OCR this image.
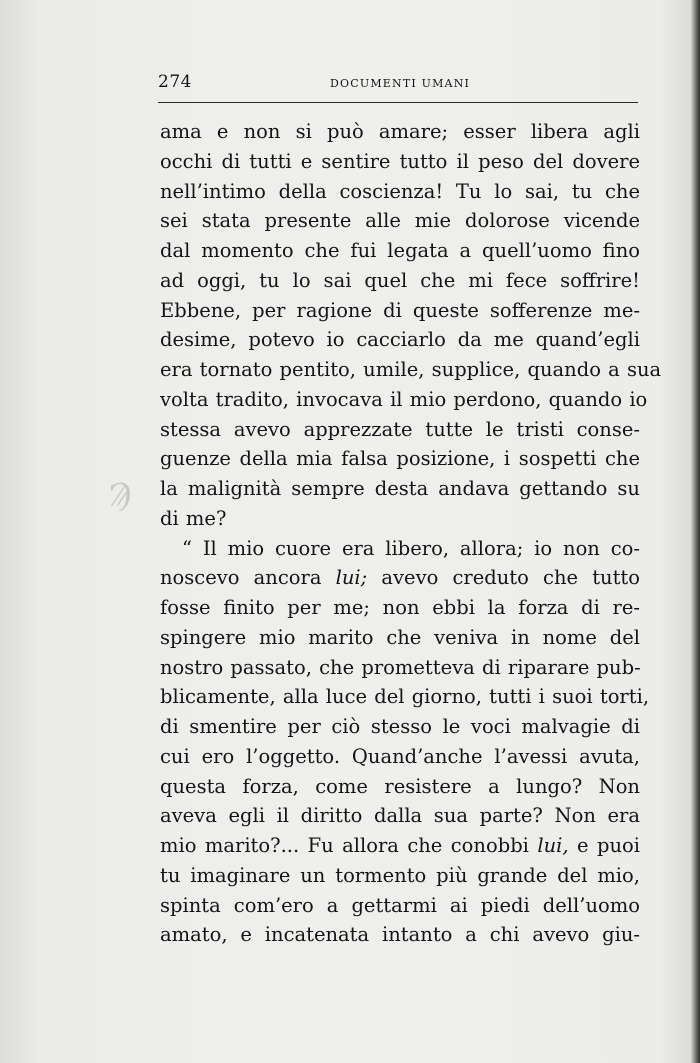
274	DOCUMENTI UMANI
Ϡ
ama e non si può amare; esser libera agli
occhi di tutti e sentire tutto il peso del dovere
nell’intimo della coscienza! Tu lo sai, tu che
sei stata presente alle mie dolorose vicende
dal momento che fui legata a quell’uomo fino
ad oggi, tu lo sai quel che mi fece soffrire!
Ebbene, per ragione di queste sofferenze me-
desime, potevo io cacciarlo da me quand’egli
era tornato pentito, umile, supplice, quando a sua
volta tradito, invocava il mio perdono, quando io
stessa avevo apprezzate tutte le tristi conse-
guenze della mia falsa posizione, i sospetti che
la malignità sempre desta andava gettando su
di me?
“ Il mio cuore era libero, allora; io non co-
noscevo ancora lui; avevo creduto che tutto
fosse finito per me; non ebbi la forza di re-
spingere mio marito che veniva in nome del
nostro passato, che prometteva di riparare pub-
blicamente, alla luce del giorno, tutti i suoi torti,
di smentire per ciò stesso le voci malvagie di
cui ero l’oggetto. Quand’anche l’avessi avuta,
questa forza, come resistere a lungo? Non
aveva egli il diritto dalla sua parte? Non era
mio marito?... Fu allora che conobbi lui, e puoi
tu imaginare un tormento più grande del mio,
spinta com’ero a gettarmi ai piedi dell’uomo
amato, e incatenata intanto a chi avevo giu-
